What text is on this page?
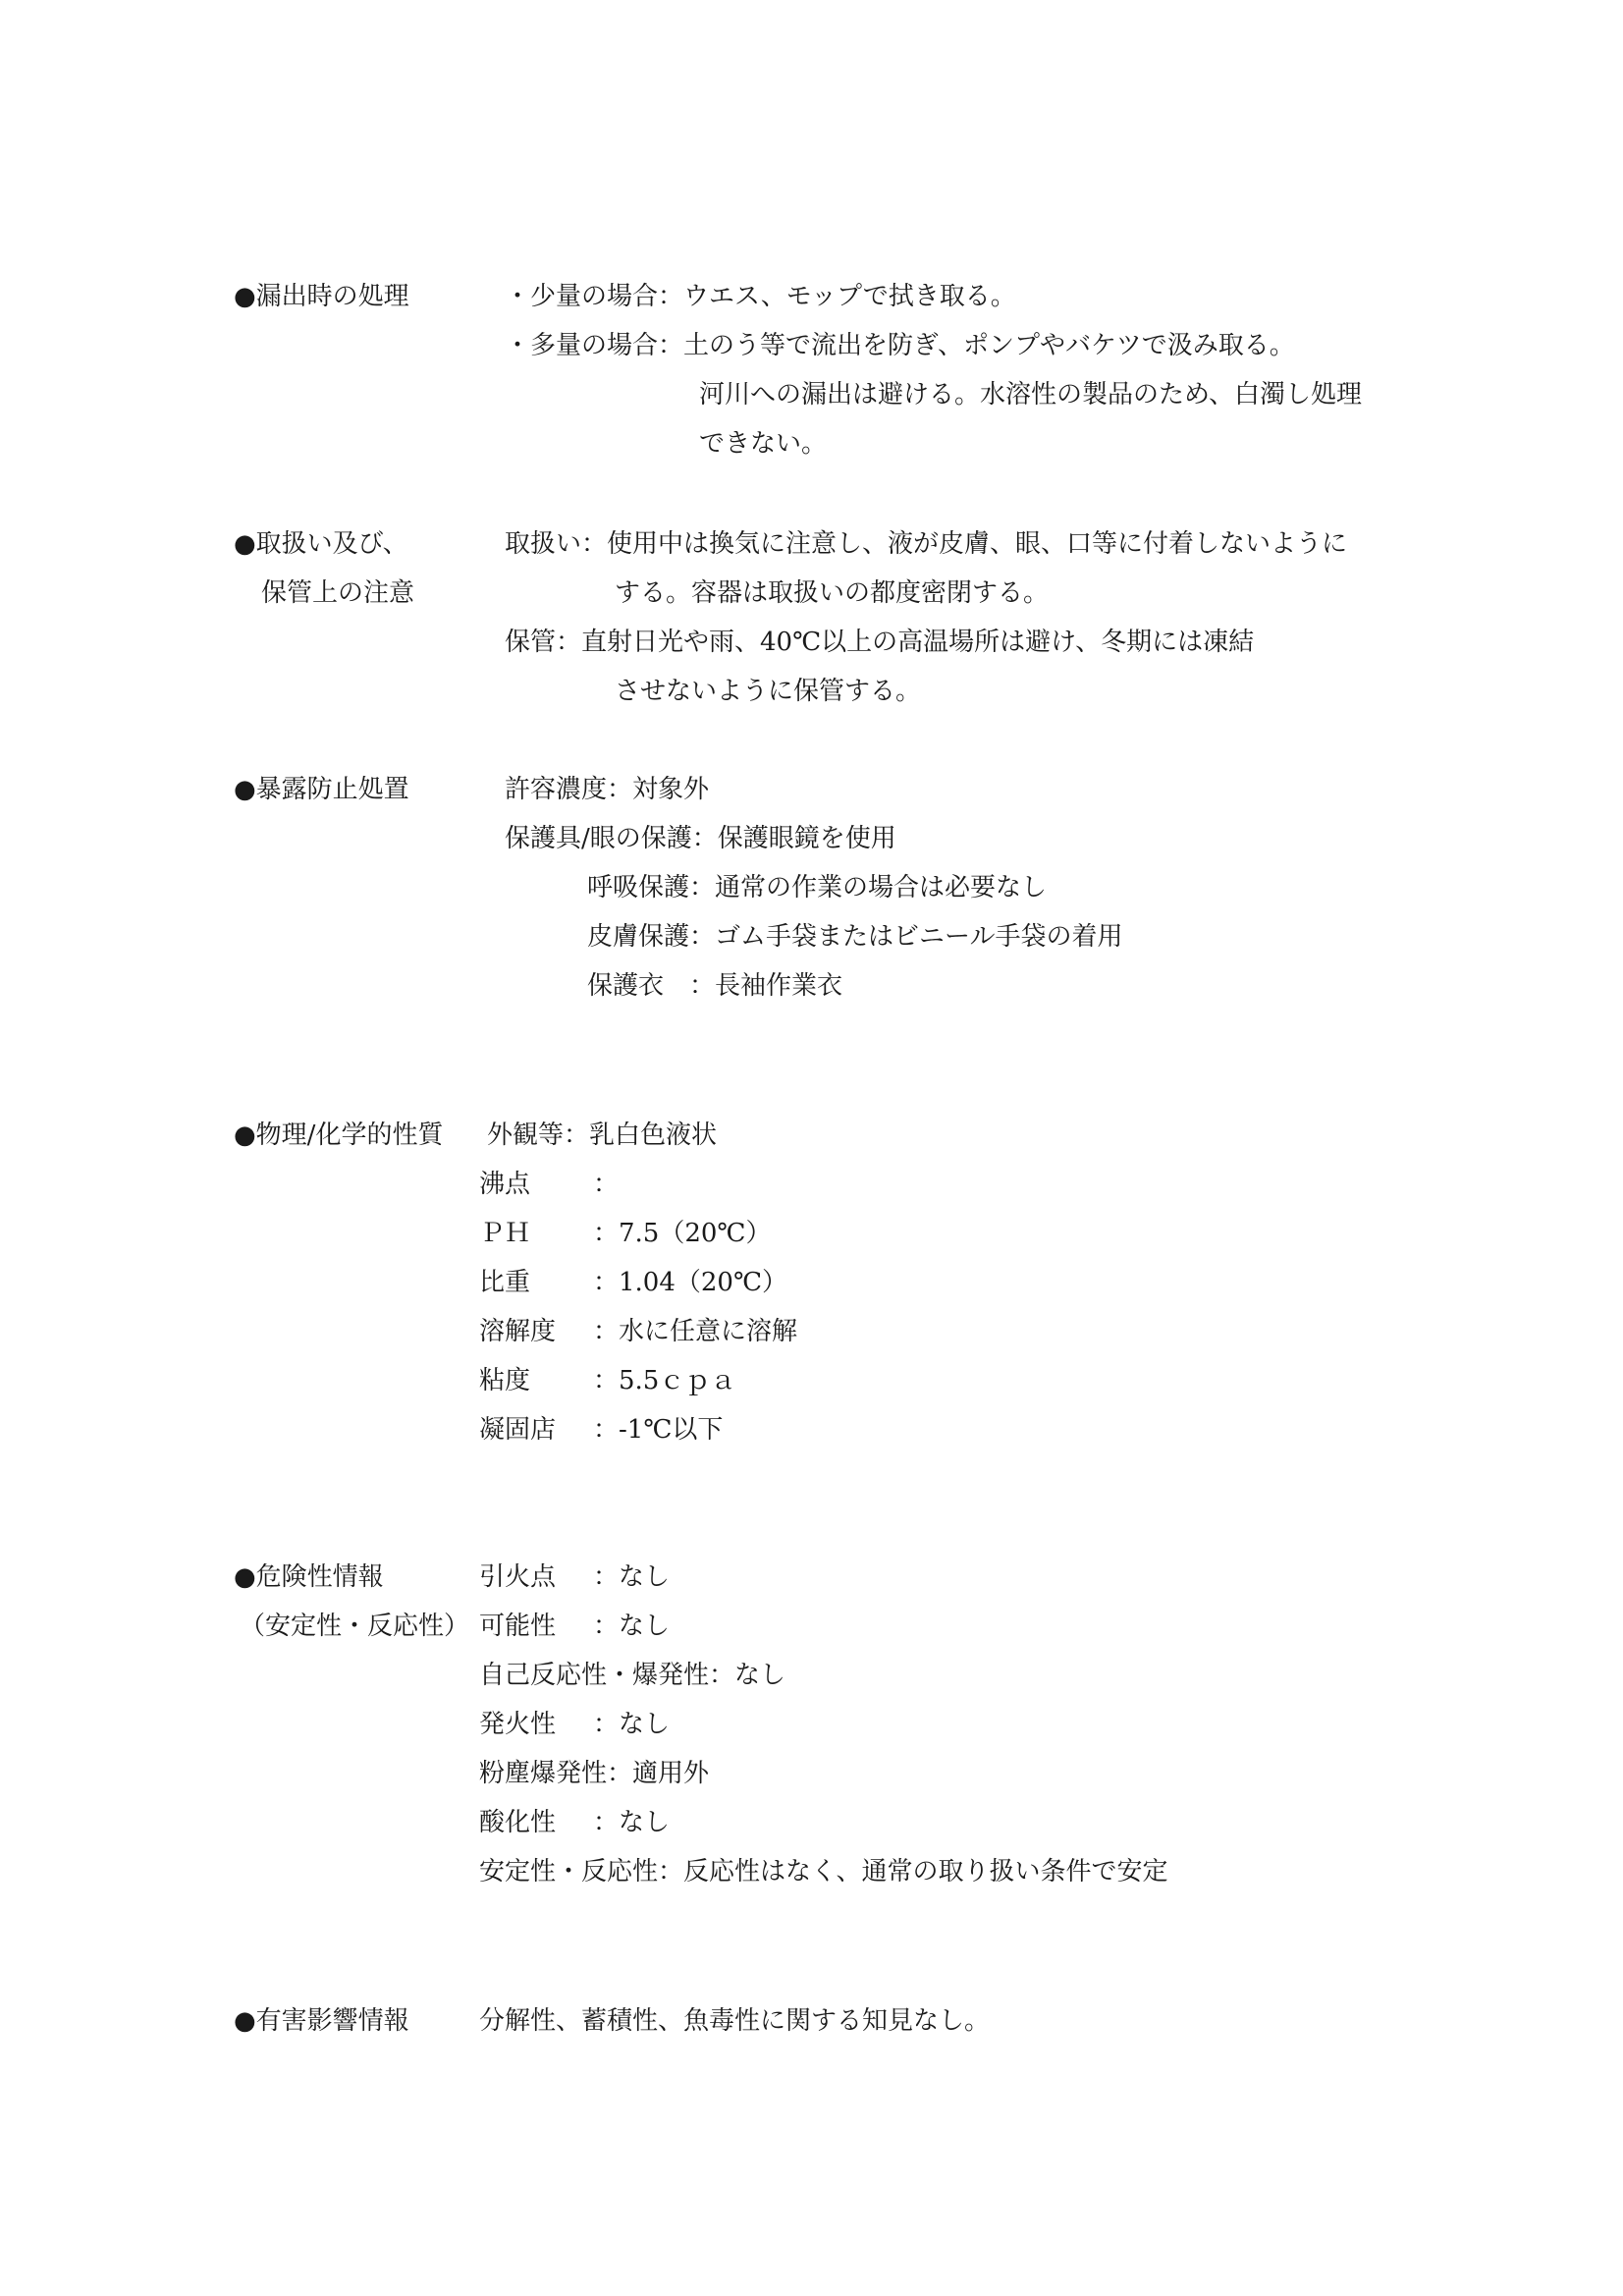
●漏出時の処理	・少量の場合：ウエス、モップで拭き取る。
・多量の場合：土のう等で流出を防ぎ、ポンプやバケツで汲み取る。
河川への漏出は避ける。水溶性の製品のため、白濁し処理
できない。
●取扱い及び、
保管上の注意
取扱い：使用中は換気に注意し、液が皮膚、眼、口等に付着しないように
する。容器は取扱いの都度密閉する。
保管：直射日光や雨、40℃以上の高温場所は避け、冬期には凍結
させないように保管する。
●暴露防止処置	許容濃度：対象外
保護具/眼の保護：保護眼鏡を使用
呼吸保護：通常の作業の場合は必要なし
皮膚保護：ゴム手袋またはビニール手袋の着用
保護衣　：長袖作業衣
●物理/化学的性質 外観等：乳白色液状
沸点 ：
ＰＨ ：7.5（20℃）
比重 ：1.04（20℃）
溶解度 ：水に任意に溶解
粘度 ：5.5ｃｐａ
凝固店 ：-1℃以下
●危険性情報
（安定性・反応性）
引火点 ：なし
可能性 ：なし
自己反応性・爆発性：なし
発火性 ：なし
粉塵爆発性：適用外
酸化性 ：なし
安定性・反応性：反応性はなく、通常の取り扱い条件で安定
●有害影響情報	分解性、蓄積性、魚毒性に関する知見なし。
